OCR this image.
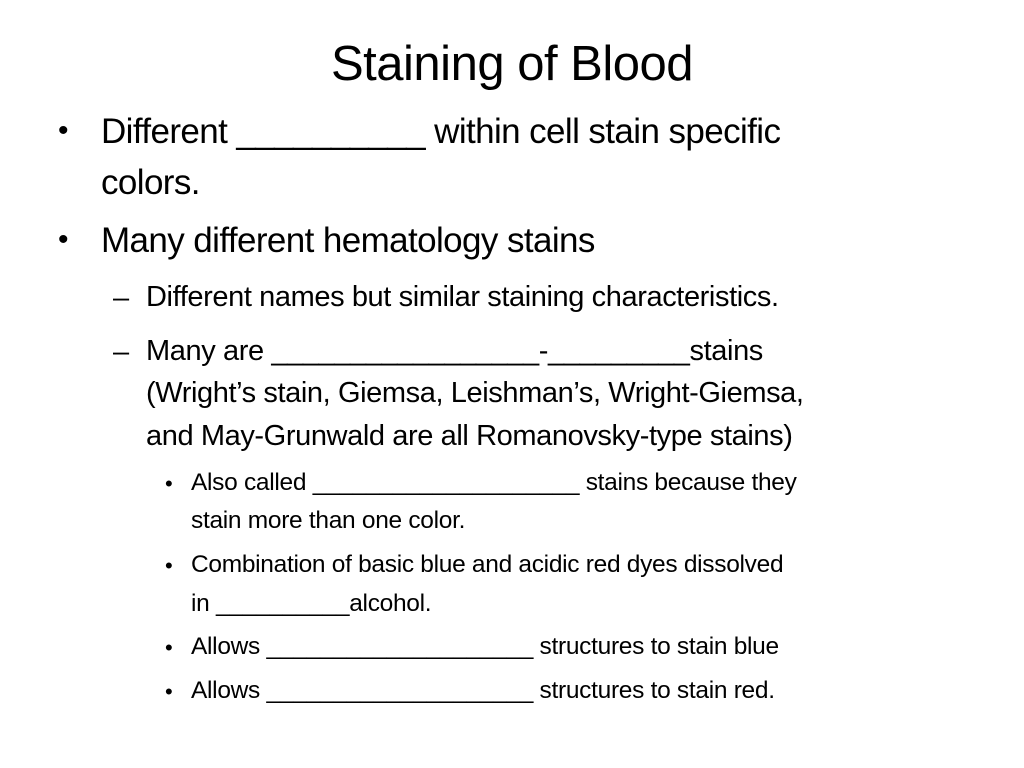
Staining of Blood
• Different __________ within cell stain specific
colors.
• Many different hematology stains
– Different names but similar staining characteristics.
– Many are _________________-_________stains
(Wright’s stain, Giemsa, Leishman’s, Wright-Giemsa,
and May-Grunwald are all Romanovsky-type stains)
• Also called ____________________ stains because they
stain more than one color.
• Combination of basic blue and acidic red dyes dissolved
in __________alcohol.
• Allows ____________________ structures to stain blue
• Allows ____________________ structures to stain red.
